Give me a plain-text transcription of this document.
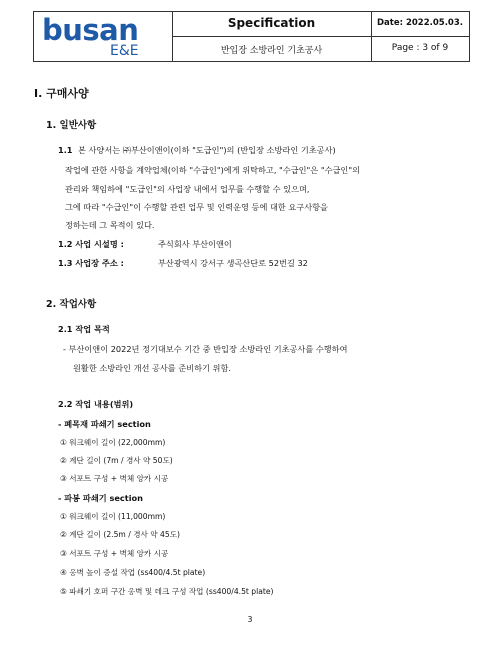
busan
E&E
Specification
반입장 소방라인 기초공사
Date: 2022.05.03.
Page : 3 of 9
Ⅰ. 구매사양
1. 일반사항
1.1 본 사양서는 ㈜부산이앤이(이하 "도급인")의 (반입장 소방라인 기초공사)
작업에 관한 사항을 계약업체(이하 "수급인")에게 위탁하고, "수급인"은 "수급인"의
관리와 책임하에 "도급인"의 사업장 내에서 업무를 수행할 수 있으며,
그에 따라 "수급인"이 수행할 관련 업무 및 인력운영 등에 대한 요구사항을
정하는데 그 목적이 있다.
1.2 사업 시설명 :	주식회사 부산이앤이
1.3 사업장 주소 :	부산광역시 강서구 생곡산단로 52번길 32
2. 작업사항
2.1 작업 목적
- 부산이앤이 2022년 정기대보수 기간 중 반입장 소방라인 기초공사를 수행하여
원활한 소방라인 개선 공사를 준비하기 위함.
2.2 작업 내용(범위)
- 폐목재 파쇄기 section
① 워크웨이 길이 (22,000mm)
② 계단 길이 (7m / 경사 약 50도)
③ 서포트 구성 + 벽체 앙카 시공
- 파봉 파쇄기 section
① 워크웨이 길이 (11,000mm)
② 계단 길이 (2.5m / 경사 약 45도)
③ 서포트 구성 + 벽체 앙카 시공
④ 옹벽 높이 증설 작업 (ss400/4.5t plate)
⑤ 파쇄기 호퍼 구간 옹벽 및 데크 구성 작업 (ss400/4.5t plate)
3
